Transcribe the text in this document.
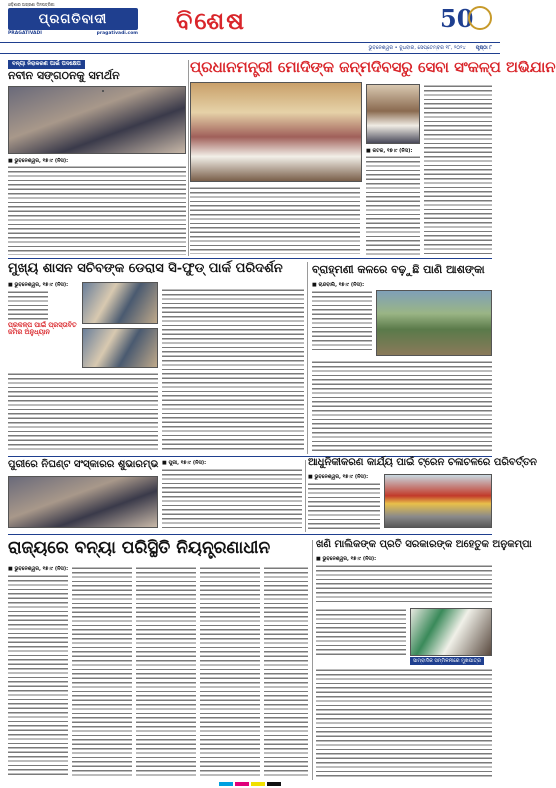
ଓଡ଼ିଶାର ଅଗ୍ରଣୀ ଦିନପତ୍ରିକା
ପ୍ରଗତିବାଦୀ
PRAGATIVADI	pragativadi.com ବିଶେଷ	50
ଭୁବନେଶ୍ୱର • ବୁଧବାର, ସେପ୍ଟେମ୍ବର ୧୮, ୨୦୨୪ ପୃଷ୍ଠା ୮
ବନ୍ୟା ନିରାକରଣ ପାଇଁ ପଦକ୍ଷେପ
ନବୀନ ସଙ୍ଗଠନକୁ ସମର୍ଥନ
■ ଭୁବନେଶ୍ୱର, ୧୭।୯ (ନିସ):
ପ୍ରଧାନମନ୍ତ୍ରୀ ମୋଦିଙ୍କ ଜନ୍ମଦିବସରୁ ସେବା ସଂକଳ୍ପ ଅଭିଯାନ
■ କଟକ, ୧୭।୯ (ନିସ):
ମୁଖ୍ୟ ଶାସନ ସଚିବଙ୍କ ଡେରାସ ସି-ଫୁଡ୍ ପାର୍କ ପରିଦର୍ଶନ
■ ଭୁବନେଶ୍ୱର, ୧୭।୯ (ନିସ):
ପ୍ରକଳ୍ପ ପାଇଁ ପ୍ରସ୍ତାବିତ ଜମିର ଅନୁଧ୍ୟାନ
ବ୍ରାହ୍ମଣୀ କଳରେ ବଢ଼ୁଛି ପାଣି ଆଶଙ୍କା
■ ଚାନ୍ଦବାଲି, ୧୭।୯ (ନିସ):
ପୁରୀରେ ନିଘଣ୍ଟ ସଂସ୍କାରର ଶୁଭାରମ୍ଭ ■ ପୁରୀ, ୧୭।୯ (ନିସ):	ଆଧୁନିକୀକରଣ କାର୍ଯ୍ୟ ପାଇଁ ଟ୍ରେନ ଚଳାଚଳରେ ପରିବର୍ତ୍ତନ
■ ଭୁବନେଶ୍ୱର, ୧୭।୯ (ନିସ):
ରାଜ୍ୟରେ ବନ୍ୟା ପରିସ୍ଥିତି ନିୟନ୍ତ୍ରଣାଧୀନ
■ ଭୁବନେଶ୍ୱର, ୧୭।୯ (ନିସ):
ଖଣି ମାଲିକଙ୍କ ପ୍ରତି ସରକାରଙ୍କ ଅହେତୁକ ଅନୁକମ୍ପା
■ ଭୁବନେଶ୍ୱର, ୧୭।୯ (ନିସ):
ସାମ୍ବାଦିକ ସମ୍ମିଳନୀରେ ମୁଖପାତ୍ର
